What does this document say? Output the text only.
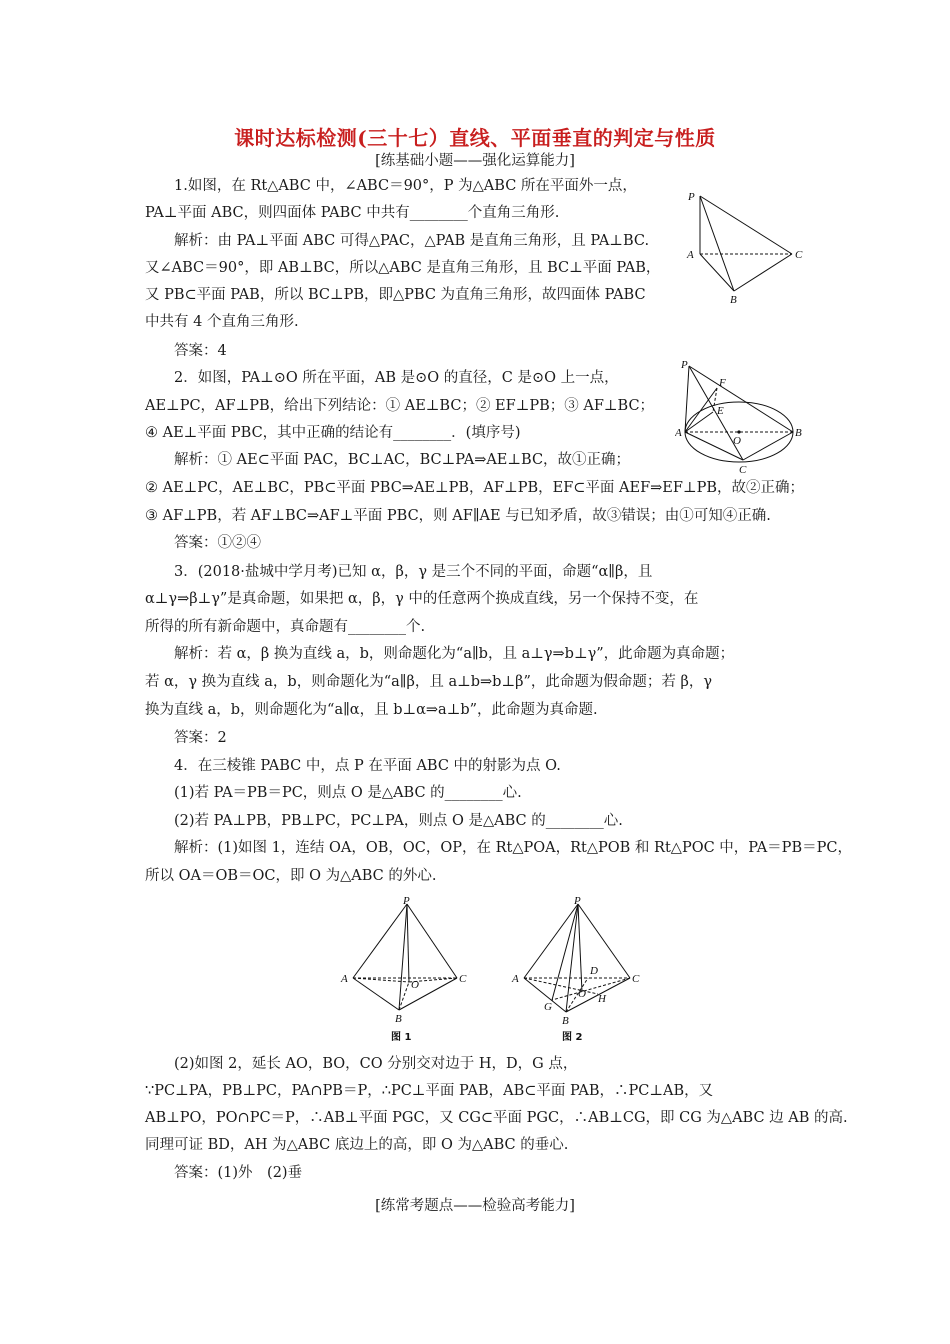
课时达标检测(三十七）直线、平面垂直的判定与性质
[练基础小题——强化运算能力]
1.如图，在 Rt△ABC 中，∠ABC＝90°，P 为△ABC 所在平面外一点，
PA⊥平面 ABC，则四面体 PABC 中共有________个直角三角形.
解析：由 PA⊥平面 ABC 可得△PAC，△PAB 是直角三角形，且 PA⊥BC.
又∠ABC＝90°，即 AB⊥BC，所以△ABC 是直角三角形，且 BC⊥平面 PAB，
又 PB⊂平面 PAB，所以 BC⊥PB，即△PBC 为直角三角形，故四面体 PABC
中共有 4 个直角三角形.
答案：4
P
A
B
C
2．如图，PA⊥⊙O 所在平面，AB 是⊙O 的直径，C 是⊙O 上一点，
AE⊥PC，AF⊥PB，给出下列结论：① AE⊥BC；② EF⊥PB；③ AF⊥BC；
④ AE⊥平面 PBC，其中正确的结论有________．(填序号)
解析：① AE⊂平面 PAC，BC⊥AC，BC⊥PA⇒AE⊥BC，故①正确；
② AE⊥PC，AE⊥BC，PB⊂平面 PBC⇒AE⊥PB，AF⊥PB，EF⊂平面 AEF⇒EF⊥PB，故②正确；
③ AF⊥PB，若 AF⊥BC⇒AF⊥平面 PBC，则 AF∥AE 与已知矛盾，故③错误；由①可知④正确.
答案：①②④
P
F
E
A
O
B
C
3．(2018·盐城中学月考)已知 α，β，γ 是三个不同的平面，命题“α∥β，且
α⊥γ⇒β⊥γ”是真命题，如果把 α，β，γ 中的任意两个换成直线，另一个保持不变，在
所得的所有新命题中，真命题有________个.
解析：若 α，β 换为直线 a，b，则命题化为“a∥b，且 a⊥γ⇒b⊥γ”，此命题为真命题；
若 α，γ 换为直线 a，b，则命题化为“a∥β，且 a⊥b⇒b⊥β”，此命题为假命题；若 β，γ
换为直线 a，b，则命题化为“a∥α，且 b⊥α⇒a⊥b”，此命题为真命题.
答案：2
4．在三棱锥 PABC 中，点 P 在平面 ABC 中的射影为点 O.
(1)若 PA＝PB＝PC，则点 O 是△ABC 的________心.
(2)若 PA⊥PB，PB⊥PC，PC⊥PA，则点 O 是△ABC 的________心.
解析：(1)如图 1，连结 OA，OB，OC，OP，在 Rt△POA，Rt△POB 和 Rt△POC 中，PA＝PB＝PC，
所以 OA＝OB＝OC，即 O 为△ABC 的外心.
P
A	C
O
B
图 1
P
A	C
D
O H
G
B
图 2
(2)如图 2，延长 AO，BO，CO 分别交对边于 H，D，G 点，
∵PC⊥PA，PB⊥PC，PA∩PB＝P，∴PC⊥平面 PAB，AB⊂平面 PAB，∴PC⊥AB，又
AB⊥PO，PO∩PC＝P，∴AB⊥平面 PGC，又 CG⊂平面 PGC，∴AB⊥CG，即 CG 为△ABC 边 AB 的高.
同理可证 BD，AH 为△ABC 底边上的高，即 O 为△ABC 的垂心.
答案：(1)外　(2)垂
[练常考题点——检验高考能力]
